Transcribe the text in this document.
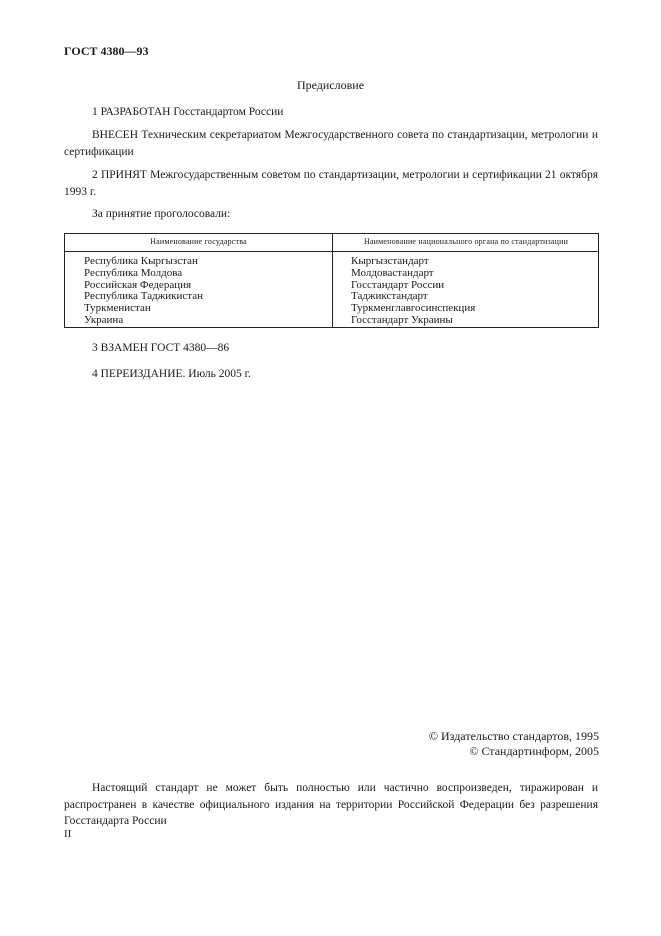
ГОСТ 4380—93
Предисловие
1 РАЗРАБОТАН Госстандартом России
ВНЕСЕН Техническим секретариатом Межгосударственного совета по стандартизации, метрологии и сертификации
2 ПРИНЯТ Межгосударственным советом по стандартизации, метрологии и сертификации 21 октября 1993 г.
За принятие проголосовали:
Наименование государства	Наименование национального органа по стандартизации
Республика Кыргызстан
Республика Молдова
Российская Федерация
Республика Таджикистан
Туркменистан
Украина
Кыргызстандарт
Молдовастандарт
Госстандарт России
Таджикстандарт
Туркменглавгосинспекция
Госстандарт Украины
3 ВЗАМЕН ГОСТ 4380—86
4 ПЕРЕИЗДАНИЕ. Июль 2005 г.
© Издательство стандартов, 1995
© Стандартинформ, 2005
Настоящий стандарт не может быть полностью или частично воспроизведен, тиражирован и распространен в качестве официального издания на территории Российской Федерации без разрешения Госстандарта России
II
